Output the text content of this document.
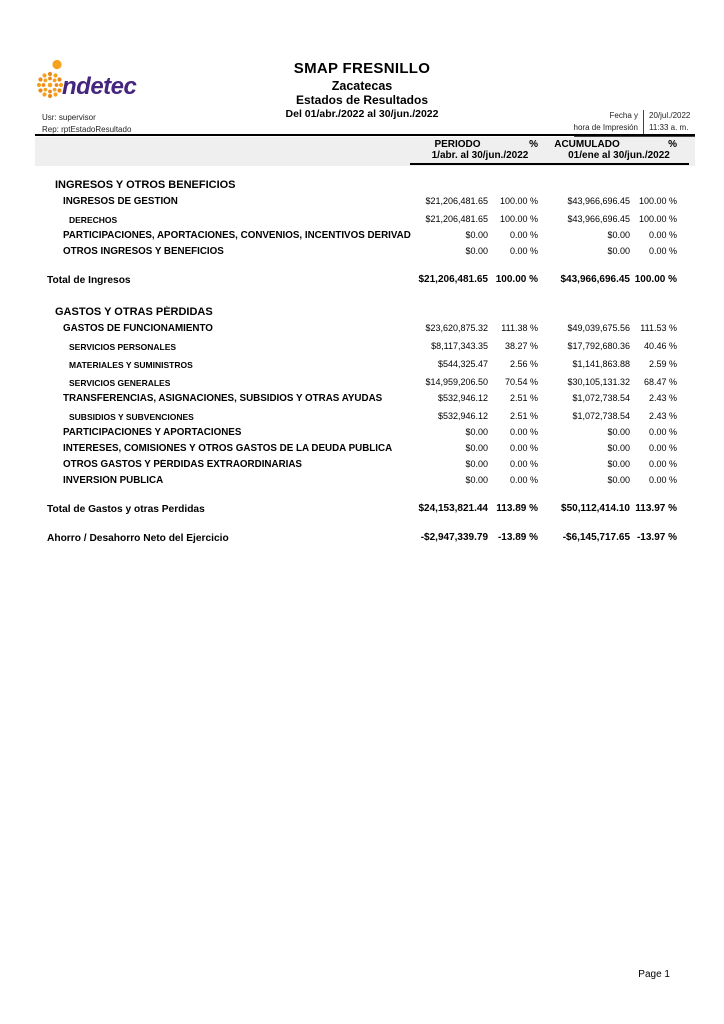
ndetec
SMAP FRESNILLO
Zacatecas
Estados de Resultados
Del 01/abr./2022 al 30/jun./2022
Usr: supervisor
Rep: rptEstadoResultado
Fecha y
hora de Impresión
20/jul./2022
11:33 a. m.
PERIODO	%	ACUMULADO	%
1/abr. al 30/jun./2022	01/ene al 30/jun./2022
INGRESOS Y OTROS BENEFICIOS
INGRESOS DE GESTIÓN	$21,206,481.65 100.00 %	$43,966,696.45 100.00 %
DERECHOS	$21,206,481.65 100.00 %	$43,966,696.45 100.00 %
PARTICIPACIONES, APORTACIONES, CONVENIOS, INCENTIVOS DERIVAD	$0.00 0.00 %	$0.00 0.00 %
OTROS INGRESOS Y BENEFICIOS	$0.00 0.00 %	$0.00 0.00 %
Total de Ingresos	$21,206,481.65 100.00 % $43,966,696.45 100.00 %
GASTOS Y OTRAS PÉRDIDAS
GASTOS DE FUNCIONAMIENTO	$23,620,875.32 111.38 %	$49,039,675.56 111.53 %
SERVICIOS PERSONALES	$8,117,343.35 38.27 %	$17,792,680.36 40.46 %
MATERIALES Y SUMINISTROS	$544,325.47 2.56 %	$1,141,863.88 2.59 %
SERVICIOS GENERALES	$14,959,206.50 70.54 %	$30,105,131.32 68.47 %
TRANSFERENCIAS, ASIGNACIONES, SUBSIDIOS Y OTRAS AYUDAS	$532,946.12 2.51 %	$1,072,738.54 2.43 %
SUBSIDIOS Y SUBVENCIONES	$532,946.12 2.51 %	$1,072,738.54 2.43 %
PARTICIPACIONES Y APORTACIONES	$0.00 0.00 %	$0.00 0.00 %
INTERESES, COMISIONES Y OTROS GASTOS DE LA DEUDA PÚBLICA	$0.00 0.00 %	$0.00 0.00 %
OTROS GASTOS Y PÉRDIDAS EXTRAORDINARIAS	$0.00 0.00 %	$0.00 0.00 %
INVERSIÓN PÚBLICA	$0.00 0.00 %	$0.00 0.00 %
Total de Gastos y otras Perdidas	$24,153,821.44 113.89 % $50,112,414.10 113.97 %
Ahorro / Desahorro Neto del Ejercicio	-$2,947,339.79 -13.89 % -$6,145,717.65 -13.97 %
Page 1
